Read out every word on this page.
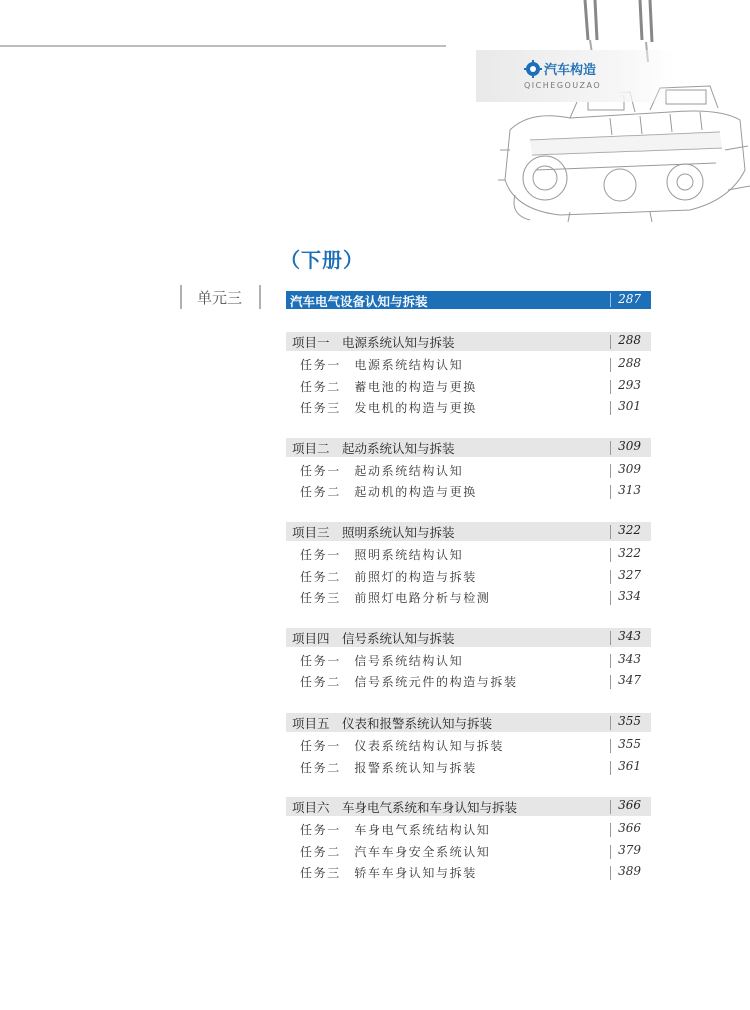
汽车构造
QICHEGOUZAO
（下册）
单元三	汽车电气设备认知与拆装	287
项目一　电源系统认知与拆装	288
任务一　电源系统结构认知	288
任务二　蓄电池的构造与更换	293
任务三　发电机的构造与更换	301
项目二　起动系统认知与拆装	309
任务一　起动系统结构认知	309
任务二　起动机的构造与更换	313
项目三　照明系统认知与拆装	322
任务一　照明系统结构认知	322
任务二　前照灯的构造与拆装	327
任务三　前照灯电路分析与检测	334
项目四　信号系统认知与拆装	343
任务一　信号系统结构认知	343
任务二　信号系统元件的构造与拆装	347
项目五　仪表和报警系统认知与拆装	355
任务一　仪表系统结构认知与拆装	355
任务二　报警系统认知与拆装	361
项目六　车身电气系统和车身认知与拆装	366
任务一　车身电气系统结构认知	366
任务二　汽车车身安全系统认知	379
任务三　轿车车身认知与拆装	389
